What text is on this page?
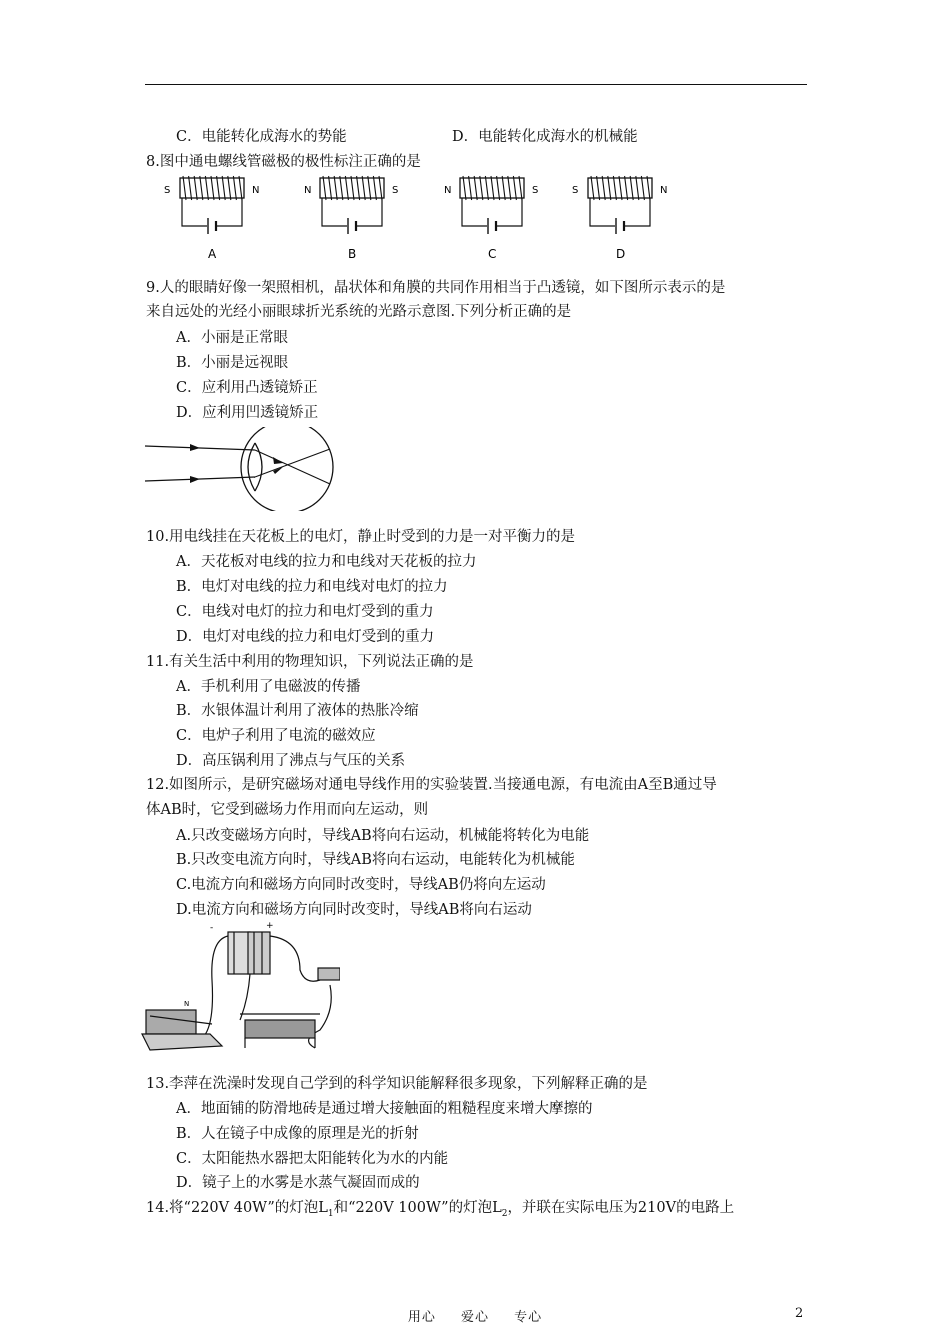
C．电能转化成海水的势能	D．电能转化成海水的机械能
8.图中通电螺线管磁极的极性标注正确的是
S	N
A
N	S
B
N	S
C
S	N
D
9.人的眼睛好像一架照相机，晶状体和角膜的共同作用相当于凸透镜，如下图所示表示的是
来自远处的光经小丽眼球折光系统的光路示意图.下列分析正确的是
A．小丽是正常眼
B．小丽是远视眼
C．应利用凸透镜矫正
D．应利用凹透镜矫正
10.用电线挂在天花板上的电灯，静止时受到的力是一对平衡力的是
A．天花板对电线的拉力和电线对天花板的拉力
B．电灯对电线的拉力和电线对电灯的拉力
C．电线对电灯的拉力和电灯受到的重力
D．电灯对电线的拉力和电灯受到的重力
11.有关生活中利用的物理知识，下列说法正确的是
A．手机利用了电磁波的传播
B．水银体温计利用了液体的热胀冷缩
C．电炉子利用了电流的磁效应
D．高压锅利用了沸点与气压的关系
12.如图所示，是研究磁场对通电导线作用的实验装置.当接通电源，有电流由A至B通过导
体AB时，它受到磁场力作用而向左运动，则
A.只改变磁场方向时，导线AB将向右运动，机械能将转化为电能
B.只改变电流方向时，导线AB将向右运动，电能转化为机械能
C.电流方向和磁场方向同时改变时，导线AB仍将向左运动
D.电流方向和磁场方向同时改变时，导线AB将向右运动
-	+
N
13.李萍在洗澡时发现自己学到的科学知识能解释很多现象，下列解释正确的是
A．地面铺的防滑地砖是通过增大接触面的粗糙程度来增大摩擦的
B．人在镜子中成像的原理是光的折射
C．太阳能热水器把太阳能转化为水的内能
D．镜子上的水雾是水蒸气凝固而成的
14.将“220V 40W”的灯泡$L_1$和“220V 100W”的灯泡$L_2$，并联在实际电压为210V的电路上
用心 爱心 专心	2
